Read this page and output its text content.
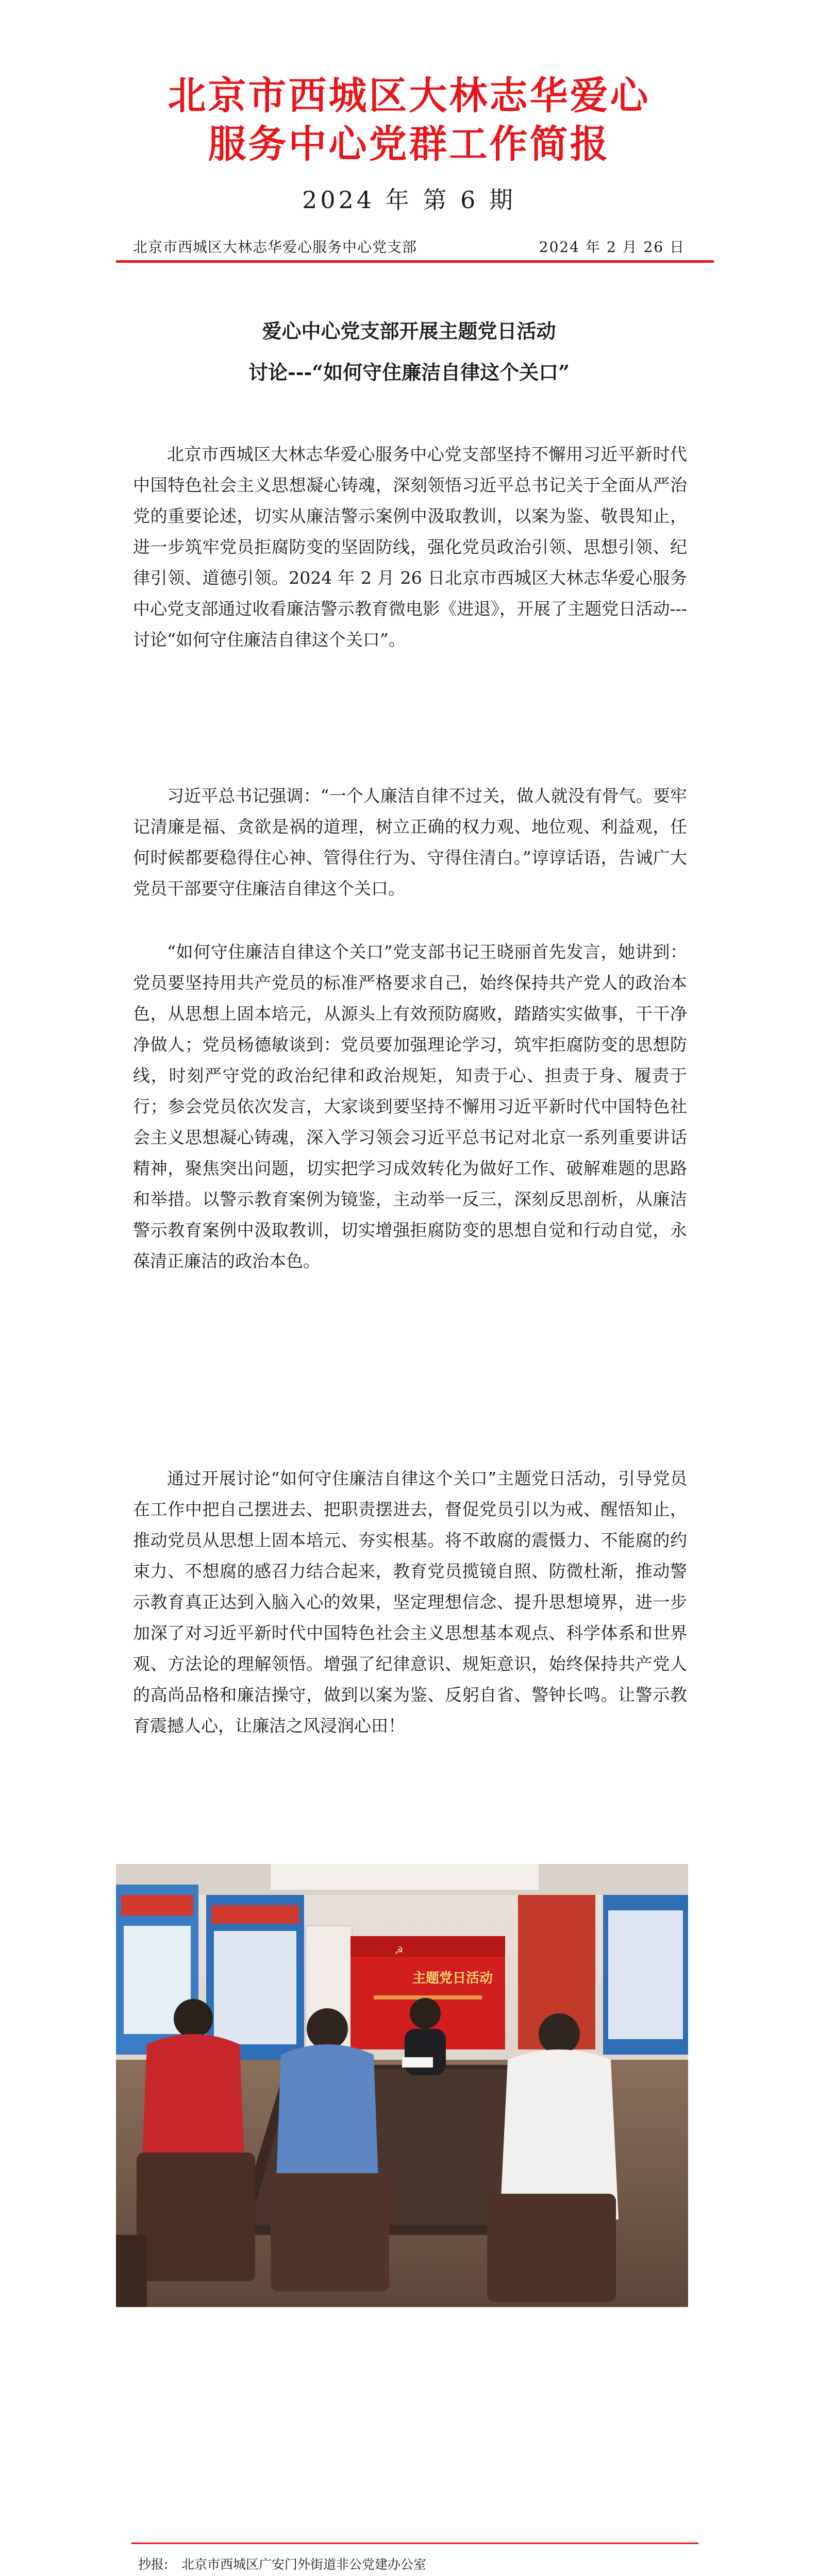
北京市西城区大林志华爱心
服务中心党群工作简报
2024 年 第 6 期
北京市西城区大林志华爱心服务中心党支部	2024 年 2 月 26 日
爱心中心党支部开展主题党日活动
讨论---“如何守住廉洁自律这个关口”

北京市西城区大林志华爱心服务中心党支部坚持不懈用习近平新时代中国特色社会主义思想凝心铸魂，深刻领悟习近平总书记关于全面从严治党的重要论述，切实从廉洁警示案例中汲取教训，以案为鉴、敬畏知止，进一步筑牢党员拒腐防变的坚固防线，强化党员政治引领、思想引领、纪律引领、道德引领。2024 年 2 月 26 日北京市西城区大林志华爱心服务中心党支部通过收看廉洁警示教育微电影《进退》，开展了主题党日活动---讨论“如何守住廉洁自律这个关口”。

习近平总书记强调：“一个人廉洁自律不过关，做人就没有骨气。要牢记清廉是福、贪欲是祸的道理，树立正确的权力观、地位观、利益观，任何时候都要稳得住心神、管得住行为、守得住清白。”谆谆话语，告诫广大党员干部要守住廉洁自律这个关口。

“如何守住廉洁自律这个关口”党支部书记王晓丽首先发言，她讲到：党员要坚持用共产党员的标准严格要求自己，始终保持共产党人的政治本色，从思想上固本培元，从源头上有效预防腐败，踏踏实实做事，干干净净做人；党员杨德敏谈到：党员要加强理论学习，筑牢拒腐防变的思想防线，时刻严守党的政治纪律和政治规矩，知责于心、担责于身、履责于行；参会党员依次发言，大家谈到要坚持不懈用习近平新时代中国特色社会主义思想凝心铸魂，深入学习领会习近平总书记对北京一系列重要讲话精神，聚焦突出问题，切实把学习成效转化为做好工作、破解难题的思路和举措。以警示教育案例为镜鉴，主动举一反三，深刻反思剖析，从廉洁警示教育案例中汲取教训，切实增强拒腐防变的思想自觉和行动自觉，永葆清正廉洁的政治本色。

通过开展讨论“如何守住廉洁自律这个关口”主题党日活动，引导党员在工作中把自己摆进去、把职责摆进去，督促党员引以为戒、醒悟知止，推动党员从思想上固本培元、夯实根基。将不敢腐的震慑力、不能腐的约束力、不想腐的感召力结合起来，教育党员揽镜自照、防微杜渐，推动警示教育真正达到入脑入心的效果，坚定理想信念、提升思想境界，进一步加深了对习近平新时代中国特色社会主义思想基本观点、科学体系和世界观、方法论的理解领悟。增强了纪律意识、规矩意识，始终保持共产党人的高尚品格和廉洁操守，做到以案为鉴、反躬自省、警钟长鸣。让警示教育震撼人心，让廉洁之风浸润心田！

☭
主题党日活动
抄报: 北京市西城区广安门外街道非公党建办公室
